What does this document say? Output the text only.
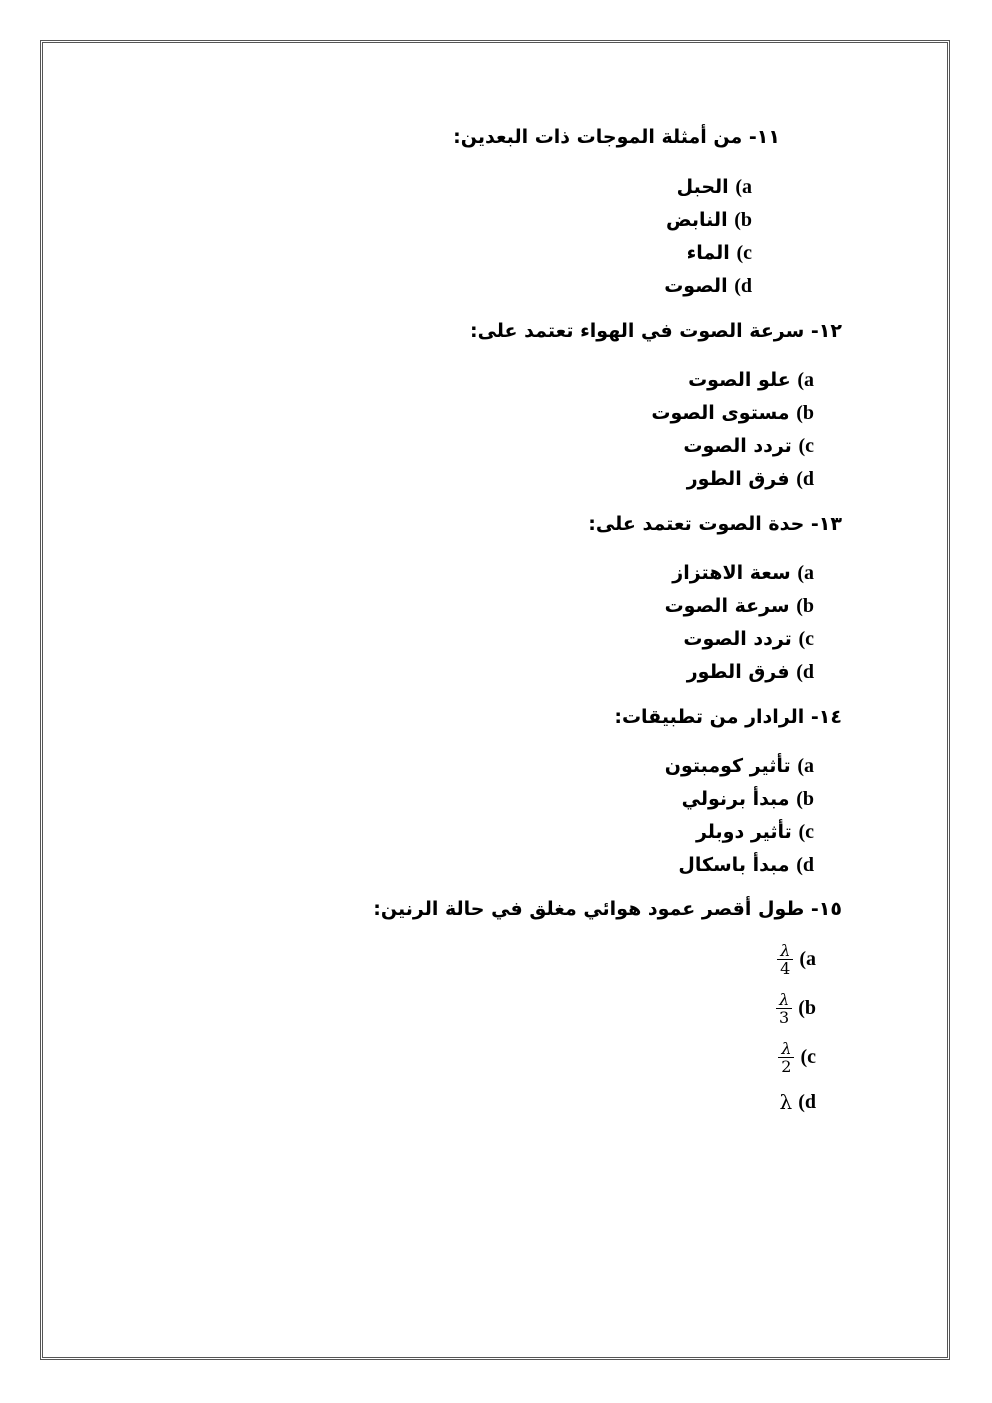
١١- من أمثلة الموجات ذات البعدين:
a) الحبل
b) النابض
c) الماء
d) الصوت
١٢- سرعة الصوت في الهواء تعتمد على:
a) علو الصوت
b) مستوى الصوت
c) تردد الصوت
d) فرق الطور
١٣- حدة الصوت تعتمد على:
a) سعة الاهتزاز
b) سرعة الصوت
c) تردد الصوت
d) فرق الطور
١٤- الرادار من تطبيقات:
a) تأثير كومبتون
b) مبدأ برنولي
c) تأثير دوبلر
d) مبدأ باسكال
١٥- طول أقصر عمود هوائي مغلق في حالة الرنين:
$\frac{\lambda}{4} (a$
$\frac{\lambda}{3} (b$
$\frac{\lambda}{2} (c$
λ (d
